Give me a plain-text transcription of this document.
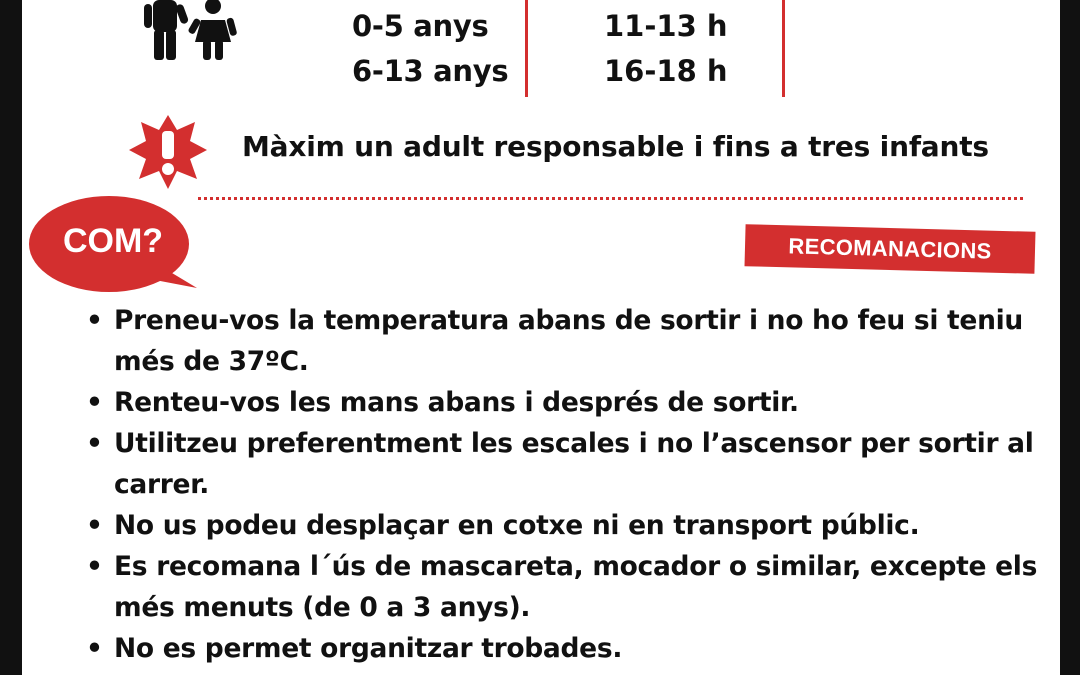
0-5 anys	11-13 h
6-13 anys	16-18 h
Màxim un adult responsable i fins a tres infants
COM?	RECOMANACIONS
• Preneu-vos la temperatura abans de sortir i no ho feu si teniu més de 37ºC.
• Renteu-vos les mans abans i després de sortir.
• Utilitzeu preferentment les escales i no l’ascensor per sortir al carrer.
• No us podeu desplaçar en cotxe ni en transport públic.
• Es recomana l´ús de mascareta, mocador o similar, excepte els més menuts (de 0 a 3 anys).
• No es permet organitzar trobades.
